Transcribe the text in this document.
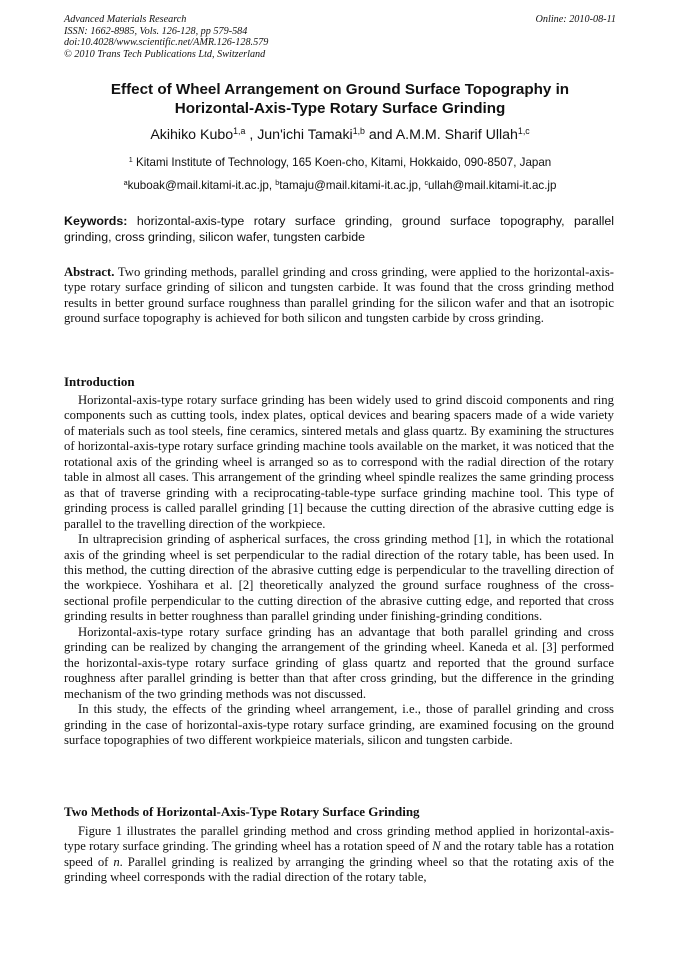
Advanced Materials Research
ISSN: 1662-8985, Vols. 126-128, pp 579-584
doi:10.4028/www.scientific.net/AMR.126-128.579
© 2010 Trans Tech Publications Ltd, Switzerland
Online: 2010-08-11
Effect of Wheel Arrangement on Ground Surface Topography in
Horizontal-Axis-Type Rotary Surface Grinding
Akihiko Kubo$^{1,a}$ , Jun'ichi Tamaki$^{1,b}$ and A.M.M. Sharif Ullah$^{1,c}$
$^1$ Kitami Institute of Technology, 165 Koen-cho, Kitami, Hokkaido, 090-8507, Japan
$^a$kuboak@mail.kitami-it.ac.jp, $^b$tamaju@mail.kitami-it.ac.jp, $^c$ullah@mail.kitami-it.ac.jp
Keywords: horizontal-axis-type rotary surface grinding, ground surface topography, parallel grinding, cross grinding, silicon wafer, tungsten carbide
Abstract. Two grinding methods, parallel grinding and cross grinding, were applied to the horizontal-axis-type rotary surface grinding of silicon and tungsten carbide. It was found that the cross grinding method results in better ground surface roughness than parallel grinding for the silicon wafer and that an isotropic ground surface topography is achieved for both silicon and tungsten carbide by cross grinding.
Introduction

Horizontal-axis-type rotary surface grinding has been widely used to grind discoid components and ring components such as cutting tools, index plates, optical devices and bearing spacers made of a wide variety of materials such as tool steels, fine ceramics, sintered metals and glass quartz. By examining the structures of horizontal-axis-type rotary surface grinding machine tools available on the market, it was noticed that the rotational axis of the grinding wheel is arranged so as to correspond with the radial direction of the rotary table in almost all cases. This arrangement of the grinding wheel spindle realizes the same grinding process as that of traverse grinding with a reciprocating-table-type surface grinding machine tool. This type of grinding process is called parallel grinding [1] because the cutting direction of the abrasive cutting edge is parallel to the travelling direction of the workpiece.

In ultraprecision grinding of aspherical surfaces, the cross grinding method [1], in which the rotational axis of the grinding wheel is set perpendicular to the radial direction of the rotary table, has been used. In this method, the cutting direction of the abrasive cutting edge is perpendicular to the travelling direction of the workpiece. Yoshihara et al. [2] theoretically analyzed the ground surface roughness of the cross-sectional profile perpendicular to the cutting direction of the abrasive cutting edge, and reported that cross grinding results in better roughness than parallel grinding under finishing-grinding conditions.

Horizontal-axis-type rotary surface grinding has an advantage that both parallel grinding and cross grinding can be realized by changing the arrangement of the grinding wheel. Kaneda et al. [3] performed the horizontal-axis-type rotary surface grinding of glass quartz and reported that the ground surface roughness after parallel grinding is better than that after cross grinding, but the difference in the grinding mechanism of the two grinding methods was not discussed.

In this study, the effects of the grinding wheel arrangement, i.e., those of parallel grinding and cross grinding in the case of horizontal-axis-type rotary surface grinding, are examined focusing on the ground surface topographies of two different workpieice materials, silicon and tungsten carbide.

Two Methods of Horizontal-Axis-Type Rotary Surface Grinding

Figure 1 illustrates the parallel grinding method and cross grinding method applied in horizontal-axis-type rotary surface grinding. The grinding wheel has a rotation speed of N and the rotary table has a rotation speed of n. Parallel grinding is realized by arranging the grinding wheel so that the rotating axis of the grinding wheel corresponds with the radial direction of the rotary table,
